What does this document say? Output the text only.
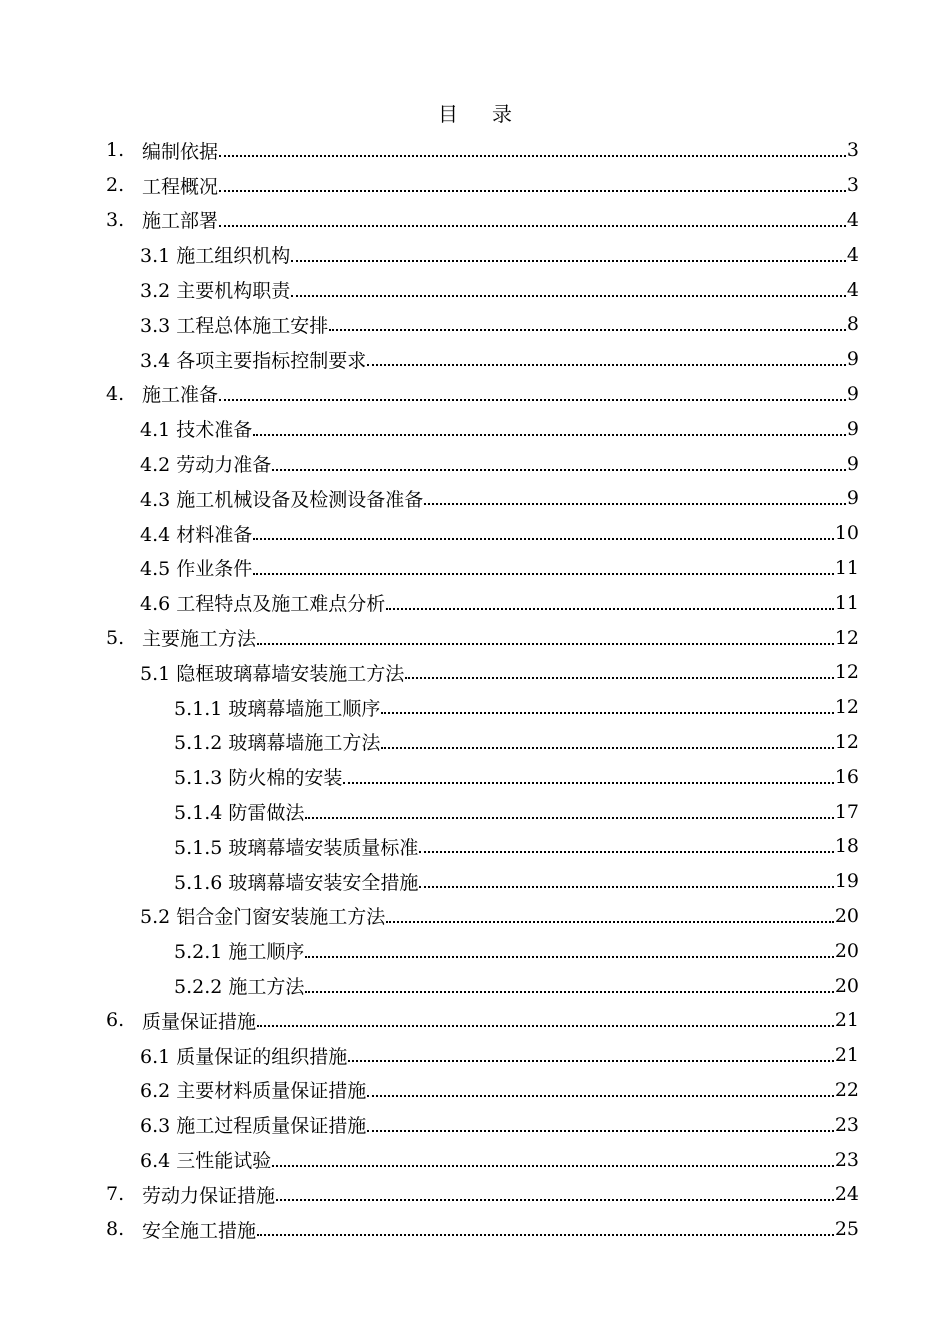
目 录
1. 编制依据	3
2. 工程概况	3
3. 施工部署	4
3.1 施工组织机构	4
3.2 主要机构职责	4
3.3 工程总体施工安排	8
3.4 各项主要指标控制要求	9
4. 施工准备	9
4.1 技术准备	9
4.2 劳动力准备	9
4.3 施工机械设备及检测设备准备	9
4.4 材料准备	10
4.5 作业条件	11
4.6 工程特点及施工难点分析	11
5. 主要施工方法	12
5.1 隐框玻璃幕墙安装施工方法	12
5.1.1 玻璃幕墙施工顺序	12
5.1.2 玻璃幕墙施工方法	12
5.1.3 防火棉的安装	16
5.1.4 防雷做法	17
5.1.5 玻璃幕墙安装质量标准	18
5.1.6 玻璃幕墙安装安全措施	19
5.2 铝合金门窗安装施工方法	20
5.2.1 施工顺序	20
5.2.2 施工方法	20
6. 质量保证措施	21
6.1 质量保证的组织措施	21
6.2 主要材料质量保证措施	22
6.3 施工过程质量保证措施	23
6.4 三性能试验	23
7. 劳动力保证措施	24
8. 安全施工措施	25
